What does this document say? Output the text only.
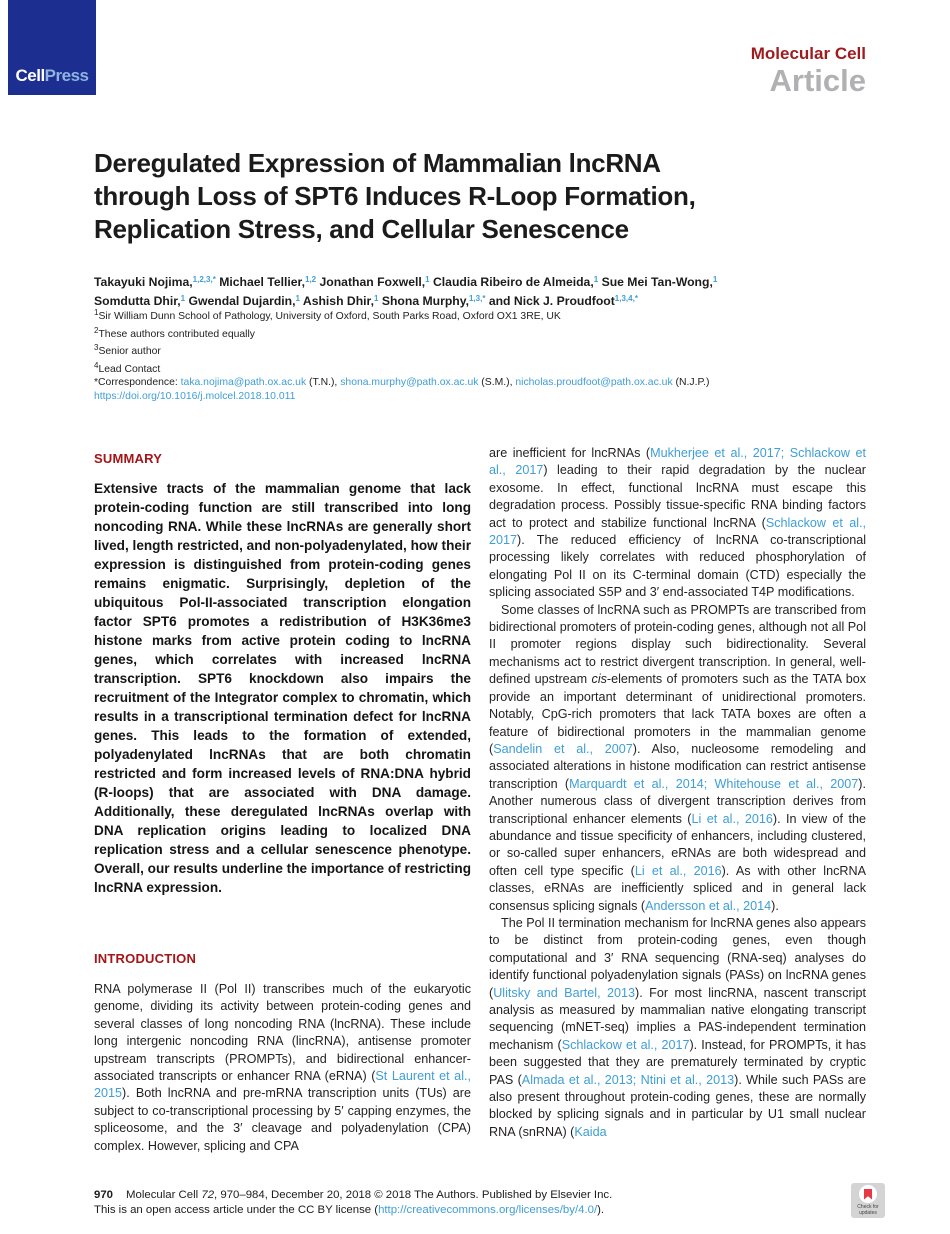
CellPress
Molecular Cell
Article
Deregulated Expression of Mammalian lncRNA
through Loss of SPT6 Induces R-Loop Formation,
Replication Stress, and Cellular Senescence
Takayuki Nojima,$^{1,2,3,*}$ Michael Tellier,$^{1,2}$ Jonathan Foxwell,$^1$ Claudia Ribeiro de Almeida,$^1$ Sue Mei Tan-Wong,$^1$
Somdutta Dhir,$^1$ Gwendal Dujardin,$^1$ Ashish Dhir,$^1$ Shona Murphy,$^{1,3,*}$ and Nick J. Proudfoot$^{1,3,4,*}$
$^1$Sir William Dunn School of Pathology, University of Oxford, South Parks Road, Oxford OX1 3RE, UK
$^2$These authors contributed equally
$^3$Senior author
$^4$Lead Contact
*Correspondence: taka.nojima@path.ox.ac.uk (T.N.), shona.murphy@path.ox.ac.uk (S.M.), nicholas.proudfoot@path.ox.ac.uk (N.J.P.)
https://doi.org/10.1016/j.molcel.2018.10.011
SUMMARY
Extensive tracts of the mammalian genome that lack protein-coding function are still transcribed into long noncoding RNA. While these lncRNAs are generally short lived, length restricted, and non-polyadenylated, how their expression is distinguished from protein-coding genes remains enigmatic. Surprisingly, depletion of the ubiquitous Pol-II-associated transcription elongation factor SPT6 promotes a redistribution of H3K36me3 histone marks from active protein coding to lncRNA genes, which correlates with increased lncRNA transcription. SPT6 knockdown also impairs the recruitment of the Integrator complex to chromatin, which results in a transcriptional termination defect for lncRNA genes. This leads to the formation of extended, polyadenylated lncRNAs that are both chromatin restricted and form increased levels of RNA:DNA hybrid (R-loops) that are associated with DNA damage. Additionally, these deregulated lncRNAs overlap with DNA replication origins leading to localized DNA replication stress and a cellular senescence phenotype. Overall, our results underline the importance of restricting lncRNA expression.
INTRODUCTION

RNA polymerase II (Pol II) transcribes much of the eukaryotic genome, dividing its activity between protein-coding genes and several classes of long noncoding RNA (lncRNA). These include long intergenic noncoding RNA (lincRNA), antisense promoter upstream transcripts (PROMPTs), and bidirectional enhancer-associated transcripts or enhancer RNA (eRNA) (St Laurent et al., 2015). Both lncRNA and pre-mRNA transcription units (TUs) are subject to co-transcriptional processing by 5′ capping enzymes, the spliceosome, and the 3′ cleavage and polyadenylation (CPA) complex. However, splicing and CPA

are inefficient for lncRNAs (Mukherjee et al., 2017; Schlackow et al., 2017) leading to their rapid degradation by the nuclear exosome. In effect, functional lncRNA must escape this degradation process. Possibly tissue-specific RNA binding factors act to protect and stabilize functional lncRNA (Schlackow et al., 2017). The reduced efficiency of lncRNA co-transcriptional processing likely correlates with reduced phosphorylation of elongating Pol II on its C-terminal domain (CTD) especially the splicing associated S5P and 3′ end-associated T4P modifications.

Some classes of lncRNA such as PROMPTs are transcribed from bidirectional promoters of protein-coding genes, although not all Pol II promoter regions display such bidirectionality. Several mechanisms act to restrict divergent transcription. In general, well-defined upstream cis-elements of promoters such as the TATA box provide an important determinant of unidirectional promoters. Notably, CpG-rich promoters that lack TATA boxes are often a feature of bidirectional promoters in the mammalian genome (Sandelin et al., 2007). Also, nucleosome remodeling and associated alterations in histone modification can restrict antisense transcription (Marquardt et al., 2014; Whitehouse et al., 2007). Another numerous class of divergent transcription derives from transcriptional enhancer elements (Li et al., 2016). In view of the abundance and tissue specificity of enhancers, including clustered, or so-called super enhancers, eRNAs are both widespread and often cell type specific (Li et al., 2016). As with other lncRNA classes, eRNAs are inefficiently spliced and in general lack consensus splicing signals (Andersson et al., 2014).

The Pol II termination mechanism for lncRNA genes also appears to be distinct from protein-coding genes, even though computational and 3′ RNA sequencing (RNA-seq) analyses do identify functional polyadenylation signals (PASs) on lncRNA genes (Ulitsky and Bartel, 2013). For most lincRNA, nascent transcript analysis as measured by mammalian native elongating transcript sequencing (mNET-seq) implies a PAS-independent termination mechanism (Schlackow et al., 2017). Instead, for PROMPTs, it has been suggested that they are prematurely terminated by cryptic PAS (Almada et al., 2013; Ntini et al., 2013). While such PASs are also present throughout protein-coding genes, these are normally blocked by splicing signals and in particular by U1 small nuclear RNA (snRNA) (Kaida

970 Molecular Cell 72, 970–984, December 20, 2018 © 2018 The Authors. Published by Elsevier Inc.
This is an open access article under the CC BY license (http://creativecommons.org/licenses/by/4.0/).	Check for
updates
